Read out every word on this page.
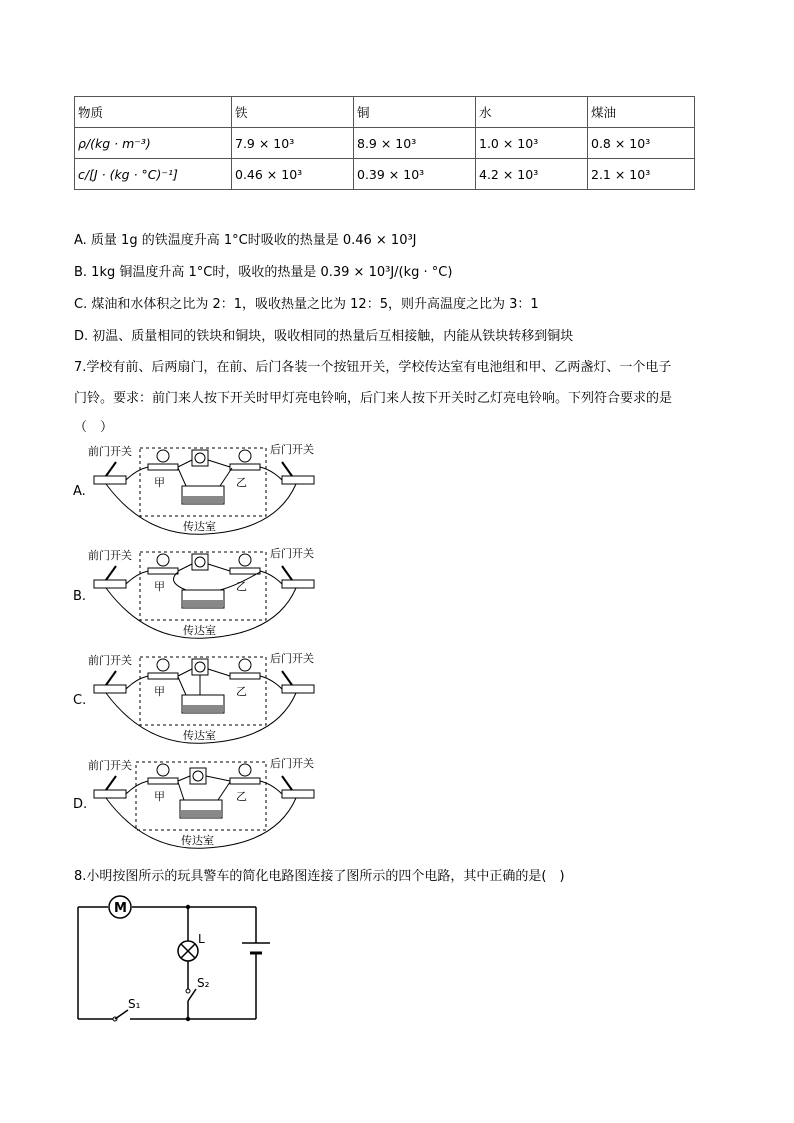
物质	铁	铜	水	煤油
ρ/(kg · m⁻³)	7.9 × 10³	8.9 × 10³	1.0 × 10³	0.8 × 10³
c/[J · (kg · °C)⁻¹]	0.46 × 10³	0.39 × 10³	4.2 × 10³	2.1 × 10³
A. 质量 1g 的铁温度升高 1°C时吸收的热量是 0.46 × 10³J
B. 1kg 铜温度升高 1°C时，吸收的热量是 0.39 × 10³J/(kg · °C)
C. 煤油和水体积之比为 2：1，吸收热量之比为 12：5，则升高温度之比为 3：1
D. 初温、质量相同的铁块和铜块，吸收相同的热量后互相接触，内能从铁块转移到铜块
7.学校有前、后两扇门，在前、后门各装一个按钮开关，学校传达室有电池组和甲、乙两盏灯、一个电子
门铃。要求：前门来人按下开关时甲灯亮电铃响，后门来人按下开关时乙灯亮电铃响。下列符合要求的是
（　）
A.
前门开关	后门开关
甲	乙
传达室
B.
前门开关	后门开关
甲	乙
传达室
C.
前门开关	后门开关
甲	乙
传达室
D.
前门开关	后门开关
甲	乙
传达室
8.小明按图所示的玩具警车的简化电路图连接了图所示的四个电路，其中正确的是(　)
M
L
S₂
S₁
